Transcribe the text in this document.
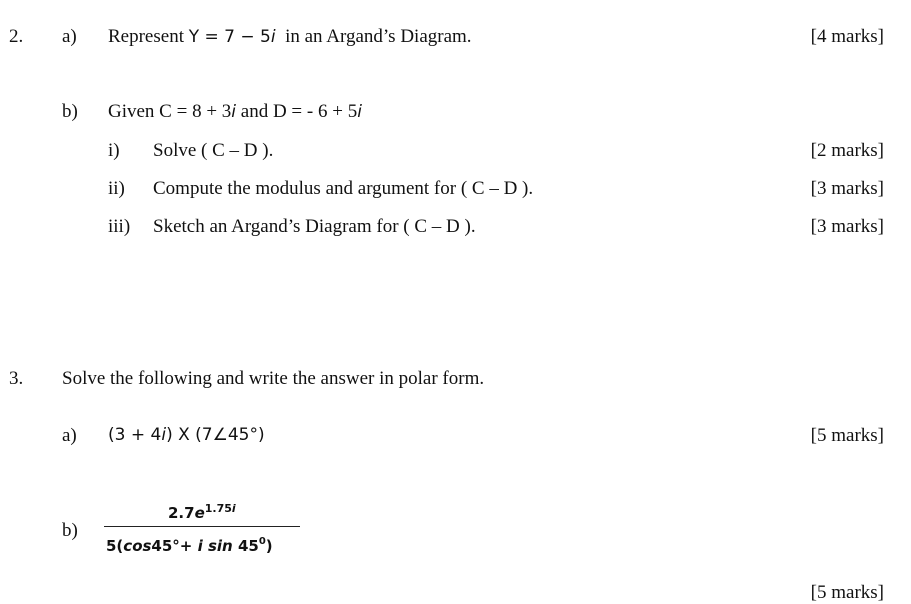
2. a) Represent Y = 7 − 5i in an Argand’s Diagram.	[4 marks]
b) Given C = 8 + 3i and D = - 6 + 5i
i) Solve ( C – D ).	[2 marks]
ii) Compute the modulus and argument for ( C – D ).	[3 marks]
iii) Sketch an Argand’s Diagram for ( C – D ).	[3 marks]
3. Solve the following and write the answer in polar form.
a) (3 + 4i) X (7∠45°)	[5 marks]
b)
$2.7e^{1.75i}$
5(cos45°+ i $\sin 45^0$)
[5 marks]
